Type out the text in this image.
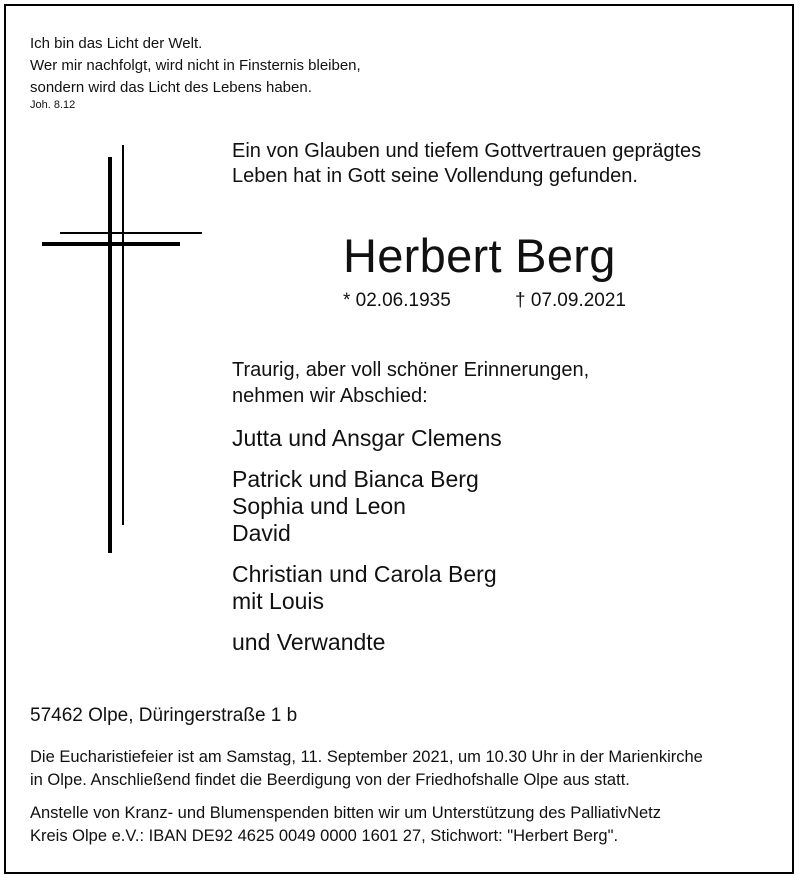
Ich bin das Licht der Welt.
Wer mir nachfolgt, wird nicht in Finsternis bleiben,
sondern wird das Licht des Lebens haben.
Joh. 8.12
Ein von Glauben und tiefem Gottvertrauen geprägtes
Leben hat in Gott seine Vollendung gefunden.
Herbert Berg
* 02.06.1935	† 07.09.2021
Traurig, aber voll schöner Erinnerungen,
nehmen wir Abschied:
Jutta und Ansgar Clemens
Patrick und Bianca Berg
Sophia und Leon
David
Christian und Carola Berg
mit Louis
und Verwandte
57462 Olpe, Düringerstraße 1 b
Die Eucharistiefeier ist am Samstag, 11. September 2021, um 10.30 Uhr in der Marienkirche
in Olpe. Anschließend findet die Beerdigung von der Friedhofshalle Olpe aus statt.
Anstelle von Kranz- und Blumenspenden bitten wir um Unterstützung des PalliativNetz
Kreis Olpe e.V.: IBAN DE92 4625 0049 0000 1601 27, Stichwort: "Herbert Berg".
